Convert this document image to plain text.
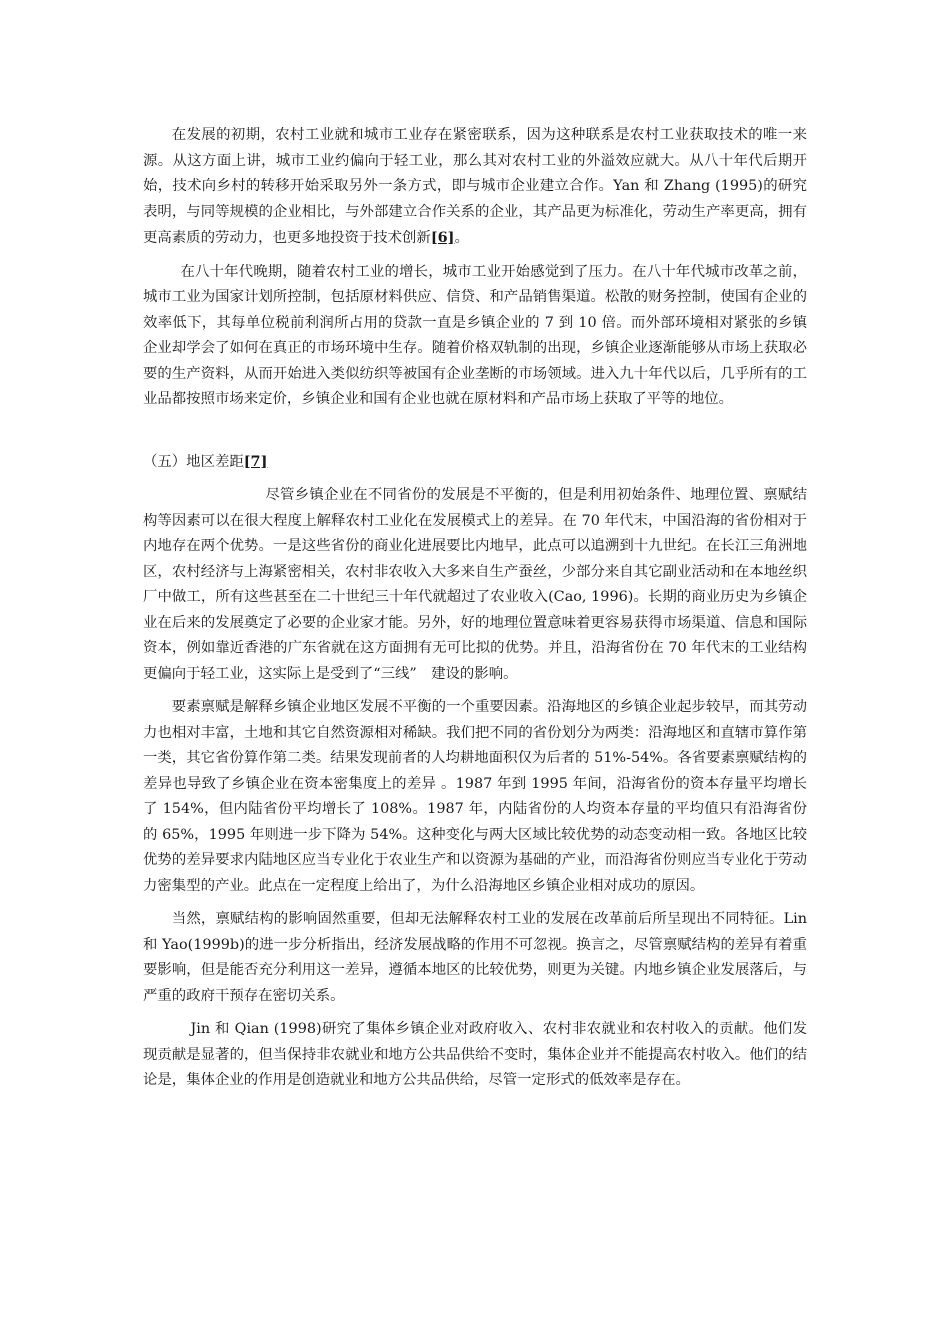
在发展的初期，农村工业就和城市工业存在紧密联系，因为这种联系是农村工业获取技术的唯一来源。从这方面上讲，城市工业约偏向于轻工业，那么其对农村工业的外溢效应就大。从八十年代后期开始，技术向乡村的转移开始采取另外一条方式，即与城市企业建立合作。Yan 和 Zhang (1995)的研究表明，与同等规模的企业相比，与外部建立合作关系的企业，其产品更为标准化，劳动生产率更高，拥有更高素质的劳动力，也更多地投资于技术创新[6]。

在八十年代晚期，随着农村工业的增长，城市工业开始感觉到了压力。在八十年代城市改革之前，城市工业为国家计划所控制，包括原材料供应、信贷、和产品销售渠道。松散的财务控制，使国有企业的效率低下，其每单位税前利润所占用的贷款一直是乡镇企业的 7 到 10 倍。而外部环境相对紧张的乡镇企业却学会了如何在真正的市场环境中生存。随着价格双轨制的出现，乡镇企业逐渐能够从市场上获取必要的生产资料，从而开始进入类似纺织等被国有企业垄断的市场领域。进入九十年代以后，几乎所有的工业品都按照市场来定价，乡镇企业和国有企业也就在原材料和产品市场上获取了平等的地位。

（五）地区差距[7]

尽管乡镇企业在不同省份的发展是不平衡的，但是利用初始条件、地理位置、禀赋结构等因素可以在很大程度上解释农村工业化在发展模式上的差异。在 70 年代末，中国沿海的省份相对于内地存在两个优势。一是这些省份的商业化进展要比内地早，此点可以追溯到十九世纪。在长江三角洲地区，农村经济与上海紧密相关，农村非农收入大多来自生产蚕丝，少部分来自其它副业活动和在本地丝织厂中做工，所有这些甚至在二十世纪三十年代就超过了农业收入(Cao, 1996)。长期的商业历史为乡镇企业在后来的发展奠定了必要的企业家才能。另外，好的地理位置意味着更容易获得市场渠道、信息和国际资本，例如靠近香港的广东省就在这方面拥有无可比拟的优势。并且，沿海省份在 70 年代末的工业结构更偏向于轻工业，这实际上是受到了“三线”　建设的影响。

要素禀赋是解释乡镇企业地区发展不平衡的一个重要因素。沿海地区的乡镇企业起步较早，而其劳动力也相对丰富，土地和其它自然资源相对稀缺。我们把不同的省份划分为两类：沿海地区和直辖市算作第一类，其它省份算作第二类。结果发现前者的人均耕地面积仅为后者的 51%-54%。各省要素禀赋结构的差异也导致了乡镇企业在资本密集度上的差异 。1987 年到 1995 年间，沿海省份的资本存量平均增长了 154%，但内陆省份平均增长了 108%。1987 年，内陆省份的人均资本存量的平均值只有沿海省份的 65%，1995 年则进一步下降为 54%。这种变化与两大区域比较优势的动态变动相一致。各地区比较优势的差异要求内陆地区应当专业化于农业生产和以资源为基础的产业，而沿海省份则应当专业化于劳动力密集型的产业。此点在一定程度上给出了，为什么沿海地区乡镇企业相对成功的原因。

当然，禀赋结构的影响固然重要，但却无法解释农村工业的发展在改革前后所呈现出不同特征。Lin 和 Yao(1999b)的进一步分析指出，经济发展战略的作用不可忽视。换言之，尽管禀赋结构的差异有着重要影响，但是能否充分利用这一差异，遵循本地区的比较优势，则更为关键。内地乡镇企业发展落后，与严重的政府干预存在密切关系。

Jin 和 Qian (1998)研究了集体乡镇企业对政府收入、农村非农就业和农村收入的贡献。他们发现贡献是显著的，但当保持非农就业和地方公共品供给不变时，集体企业并不能提高农村收入。他们的结论是，集体企业的作用是创造就业和地方公共品供给，尽管一定形式的低效率是存在。
